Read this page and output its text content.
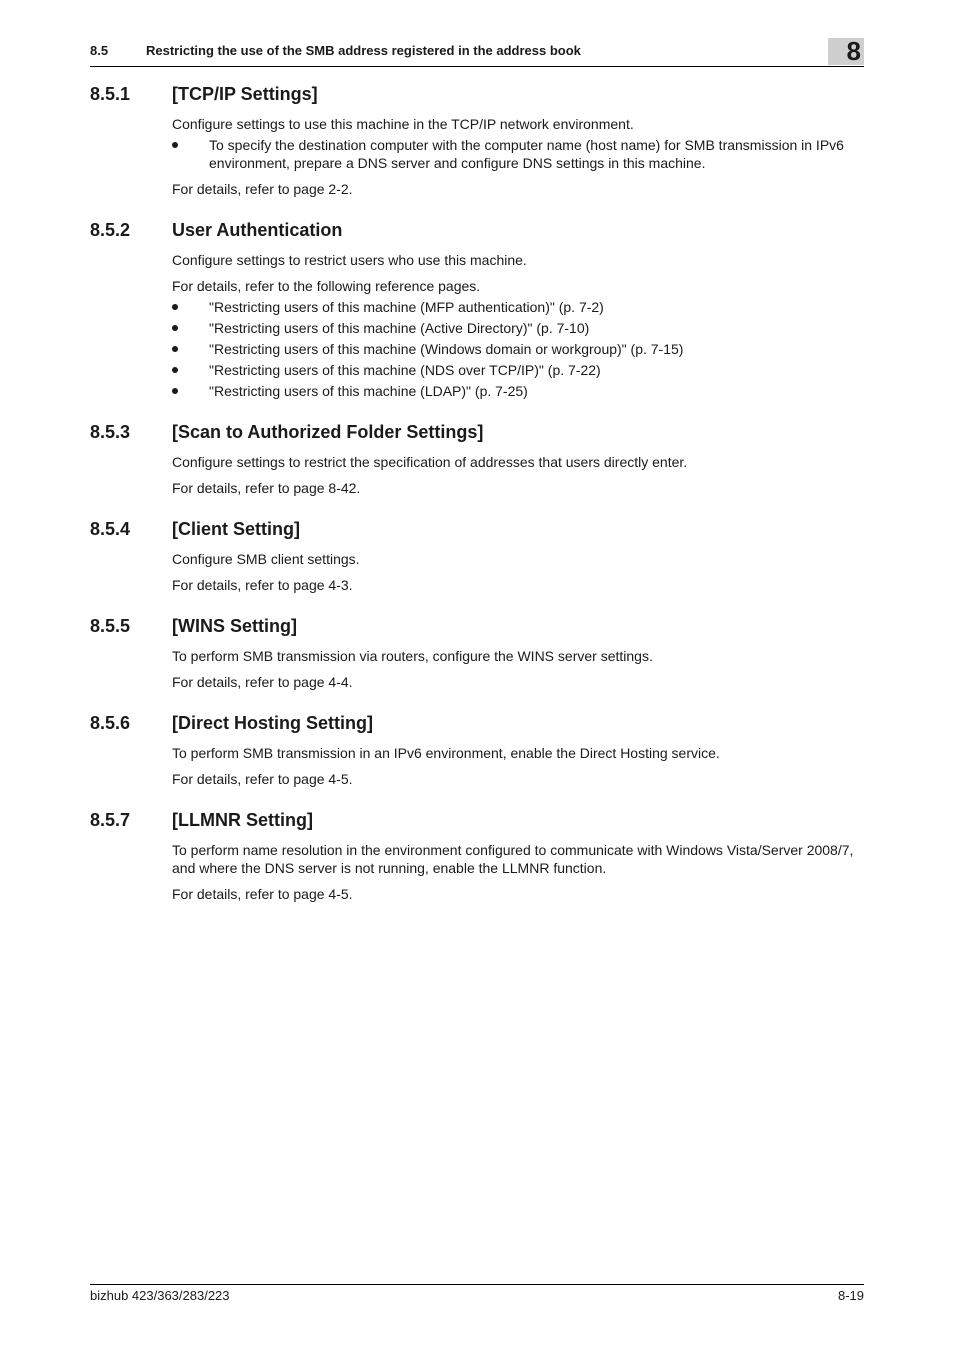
8.5	Restricting the use of the SMB address registered in the address book	8
8.5.1	[TCP/IP Settings]

Configure settings to use this machine in the TCP/IP network environment.

To specify the destination computer with the computer name (host name) for SMB transmission in IPv6 environment, prepare a DNS server and configure DNS settings in this machine.

For details, refer to page 2-2.

8.5.2	User Authentication

Configure settings to restrict users who use this machine.

For details, refer to the following reference pages.

"Restricting users of this machine (MFP authentication)" (p. 7-2)
"Restricting users of this machine (Active Directory)" (p. 7-10)
"Restricting users of this machine (Windows domain or workgroup)" (p. 7-15)
"Restricting users of this machine (NDS over TCP/IP)" (p. 7-22)
"Restricting users of this machine (LDAP)" (p. 7-25)
8.5.3	[Scan to Authorized Folder Settings]

Configure settings to restrict the specification of addresses that users directly enter.

For details, refer to page 8-42.

8.5.4	[Client Setting]

Configure SMB client settings.

For details, refer to page 4-3.

8.5.5	[WINS Setting]

To perform SMB transmission via routers, configure the WINS server settings.

For details, refer to page 4-4.

8.5.6	[Direct Hosting Setting]

To perform SMB transmission in an IPv6 environment, enable the Direct Hosting service.

For details, refer to page 4-5.

8.5.7	[LLMNR Setting]

To perform name resolution in the environment configured to communicate with Windows Vista/Server 2008/7, and where the DNS server is not running, enable the LLMNR function.

For details, refer to page 4-5.

bizhub 423/363/283/223	8-19
